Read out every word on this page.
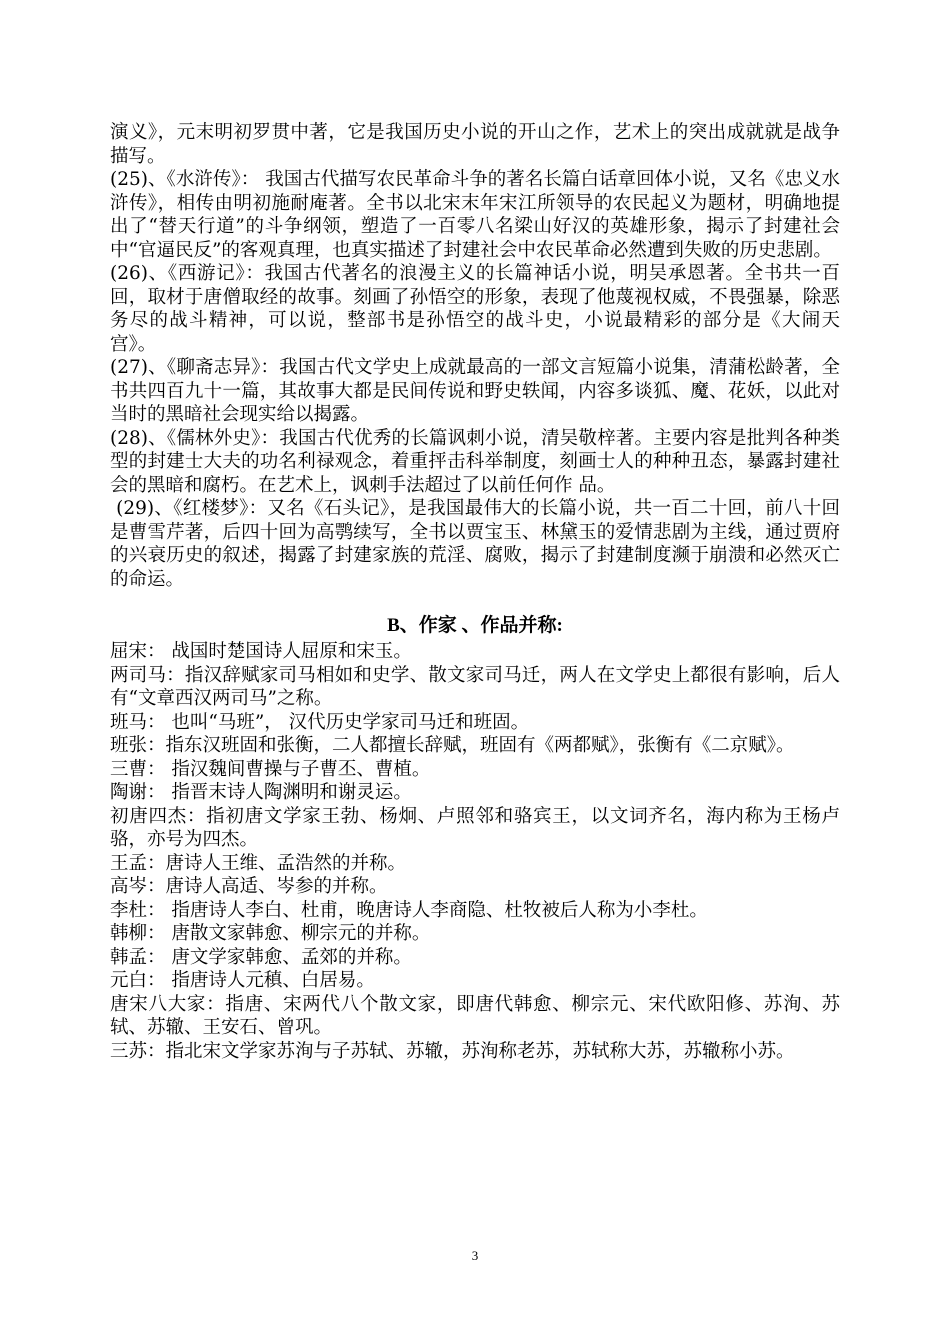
演义》，元末明初罗贯中著，它是我国历史小说的开山之作，艺术上的突出成就就是战争描写。

(25)、《水浒传》： 我国古代描写农民革命斗争的著名长篇白话章回体小说，又名《忠义水浒传》，相传由明初施耐庵著。全书以北宋末年宋江所领导的农民起义为题材，明确地提出了“替天行道”的斗争纲领，塑造了一百零八名梁山好汉的英雄形象，揭示了封建社会中“官逼民反”的客观真理，也真实描述了封建社会中农民革命必然遭到失败的历史悲剧。

(26)、《西游记》：我国古代著名的浪漫主义的长篇神话小说，明吴承恩著。全书共一百回，取材于唐僧取经的故事。刻画了孙悟空的形象，表现了他蔑视权威，不畏强暴，除恶务尽的战斗精神，可以说，整部书是孙悟空的战斗史，小说最精彩的部分是《大闹天宫》。

(27)、《聊斋志异》：我国古代文学史上成就最高的一部文言短篇小说集，清蒲松龄著，全书共四百九十一篇，其故事大都是民间传说和野史轶闻，内容多谈狐、魔、花妖，以此对当时的黑暗社会现实给以揭露。

(28)、《儒林外史》：我国古代优秀的长篇讽刺小说，清吴敬梓著。主要内容是批判各种类型的封建士大夫的功名利禄观念，着重抨击科举制度，刻画士人的种种丑态，暴露封建社会的黑暗和腐朽。在艺术上，讽刺手法超过了以前任何作 品。

(29)、《红楼梦》：又名《石头记》，是我国最伟大的长篇小说，共一百二十回，前八十回是曹雪芹著，后四十回为高鹗续写，全书以贾宝玉、林黛玉的爱情悲剧为主线，通过贾府的兴衰历史的叙述，揭露了封建家族的荒淫、腐败，揭示了封建制度濒于崩溃和必然灭亡的命运。

B、作家 、作品并称:

屈宋： 战国时楚国诗人屈原和宋玉。

两司马：指汉辞赋家司马相如和史学、散文家司马迁，两人在文学史上都很有影响，后人有“文章西汉两司马”之称。

班马： 也叫“马班”， 汉代历史学家司马迁和班固。

班张：指东汉班固和张衡，二人都擅长辞赋，班固有《两都赋》，张衡有《二京赋》。

三曹： 指汉魏间曹操与子曹丕、曹植。

陶谢： 指晋末诗人陶渊明和谢灵运。

初唐四杰：指初唐文学家王勃、杨炯、卢照邻和骆宾王，以文词齐名，海内称为王杨卢骆，亦号为四杰。

王孟：唐诗人王维、孟浩然的并称。

高岑：唐诗人高适、岑参的并称。

李杜： 指唐诗人李白、杜甫，晚唐诗人李商隐、杜牧被后人称为小李杜。

韩柳： 唐散文家韩愈、柳宗元的并称。

韩孟： 唐文学家韩愈、孟郊的并称。

元白： 指唐诗人元稹、白居易。

唐宋八大家：指唐、宋两代八个散文家，即唐代韩愈、柳宗元、宋代欧阳修、苏洵、苏轼、苏辙、王安石、曾巩。

三苏：指北宋文学家苏洵与子苏轼、苏辙，苏洵称老苏，苏轼称大苏，苏辙称小苏。

3
